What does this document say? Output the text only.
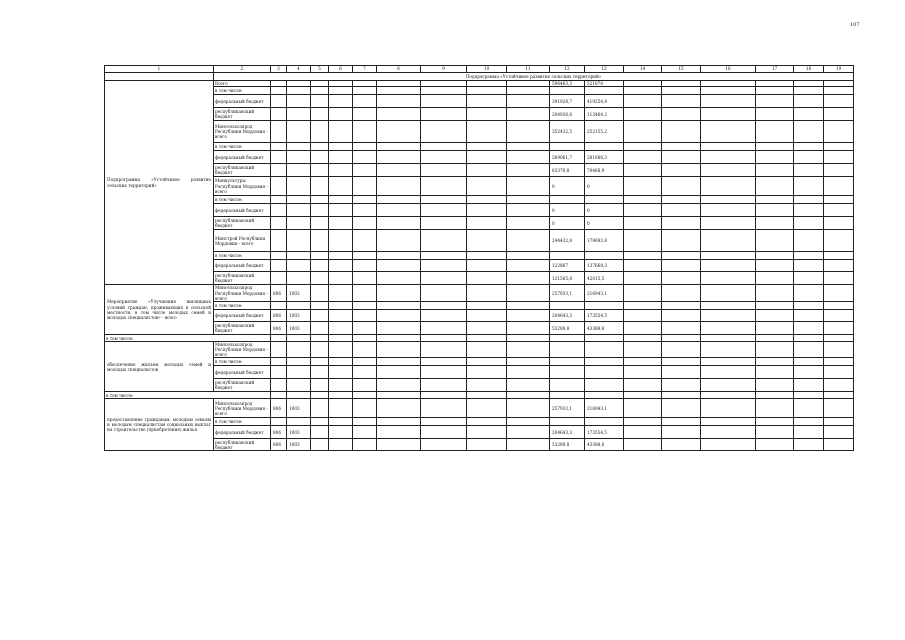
107
1	2	3	4	5	6	7	8	9	10	11	12	13	14	15	16	17	18	19
	Подпрограмма «Устойчивое развитие сельских территорий»																	
Подпрограмма «Устойчивое развитие сельских территорий»	Всего										596463,3	521870						
	в том числе:																	
	федеральный бюджет										391928,7	419254,8						
	республиканский бюджет										204936,6	113464,2						
	Минсельхозпрод Республики Мордовия - всего										352432,5	252155,2						
	в том числе:																	
	федеральный бюджет										269061,7	281886,3						
	республиканский бюджет										83370,8	70468,9						
	Минкультуры Республики Мордовия - всего										0	0						
	в том числе:																	
	федеральный бюджет										0	0						
	республиканский бюджет										0	0						
	Минстрой Республики Мордовия - всего										244432,8	179683,8						
	в том числе:																	
	федеральный бюджет										122867	137668,3						
	республиканский бюджет										121565,8	42015,5						
Мероприятие «Улучшение жилищных условий граждан, проживающих в сельской местности, в том числе молодых семей и молодых специалистов» - всего	Минсельхозпрод Республики Мордовия - всего	806	1003								257933,1	216943,1						
	в том числе:																	
	федеральный бюджет	806	1003								204643,3	173554,5						
	республиканский бюджет	806	1003								53289,8	43388,6						
в том числе:																		
обеспечение жильем молодых семей и молодых специалистов	Минсельхозпрод Республики Мордовия - всего																	
	в том числе:																	
	федеральный бюджет																	
	республиканский бюджет																	
в том числе:																		
предоставление гражданам, молодым семьям и молодым специалистам социальных выплат на строительство (приобретение) жилья	Минсельхозпрод Республики Мордовия - всего	806	1003								257933,1	216943,1						
	в том числе:																	
	федеральный бюджет	806	1003								204643,3	173554,5						
	республиканский бюджет	806	1003								53289,8	43388,6						
